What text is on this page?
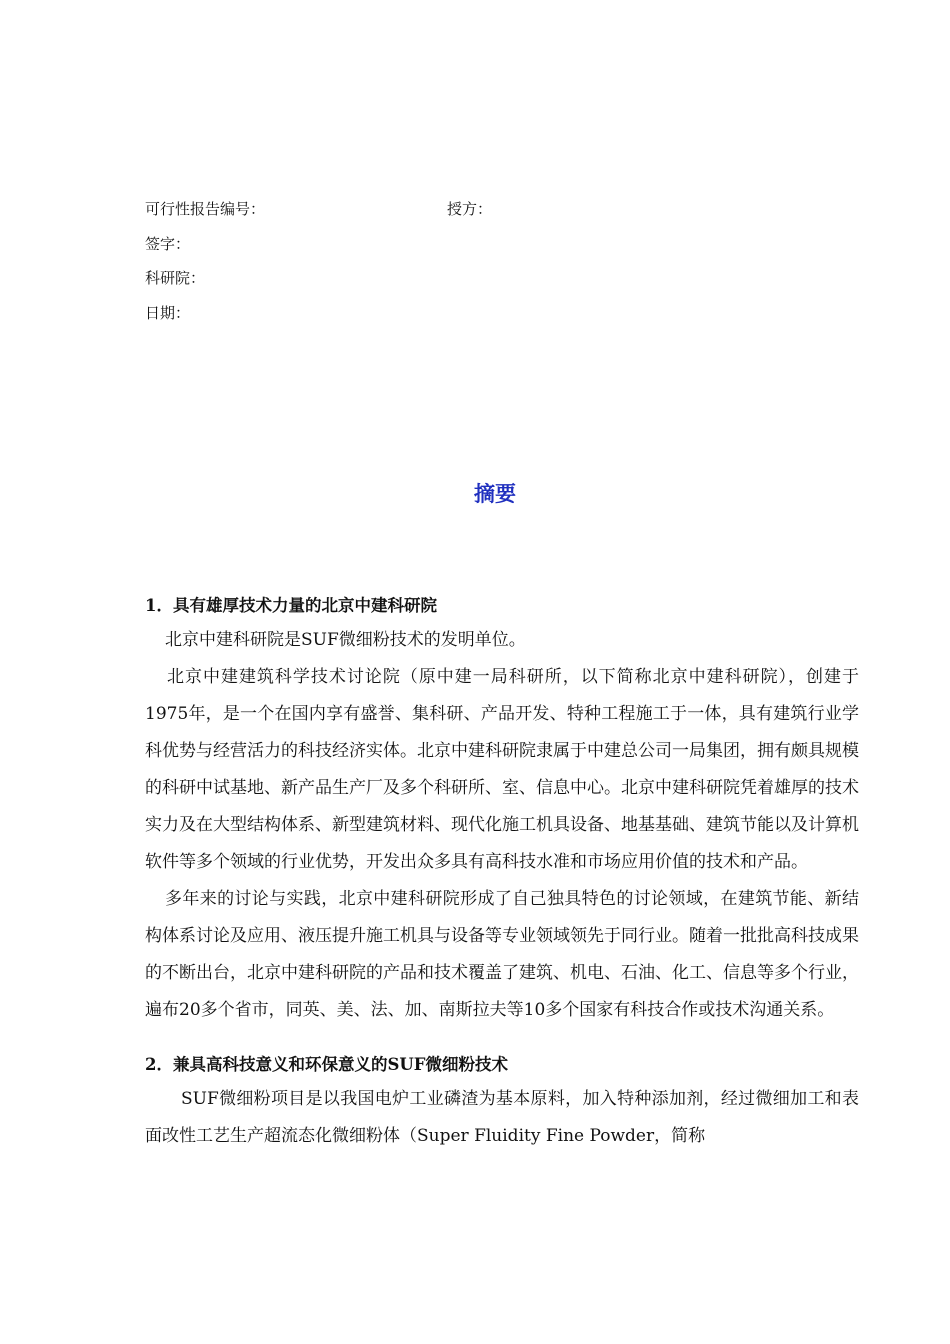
可行性报告编号：	授方：
签字：
科研院：
日期：
摘要

1．具有雄厚技术力量的北京中建科研院

北京中建科研院是SUF微细粉技术的发明单位。

北京中建建筑科学技术讨论院（原中建一局科研所，以下简称北京中建科研院），创建于1975年，是一个在国内享有盛誉、集科研、产品开发、特种工程施工于一体，具有建筑行业学科优势与经营活力的科技经济实体。北京中建科研院隶属于中建总公司一局集团，拥有颇具规模的科研中试基地、新产品生产厂及多个科研所、室、信息中心。北京中建科研院凭着雄厚的技术实力及在大型结构体系、新型建筑材料、现代化施工机具设备、地基基础、建筑节能以及计算机软件等多个领域的行业优势，开发出众多具有高科技水准和市场应用价值的技术和产品。

多年来的讨论与实践，北京中建科研院形成了自己独具特色的讨论领域，在建筑节能、新结构体系讨论及应用、液压提升施工机具与设备等专业领域领先于同行业。随着一批批高科技成果的不断出台，北京中建科研院的产品和技术覆盖了建筑、机电、石油、化工、信息等多个行业，遍布20多个省市，同英、美、法、加、南斯拉夫等10多个国家有科技合作或技术沟通关系。

2．兼具高科技意义和环保意义的SUF微细粉技术

SUF微细粉项目是以我国电炉工业磷渣为基本原料，加入特种添加剂，经过微细加工和表面改性工艺生产超流态化微细粉体（Super Fluidity Fine Powder，简称
